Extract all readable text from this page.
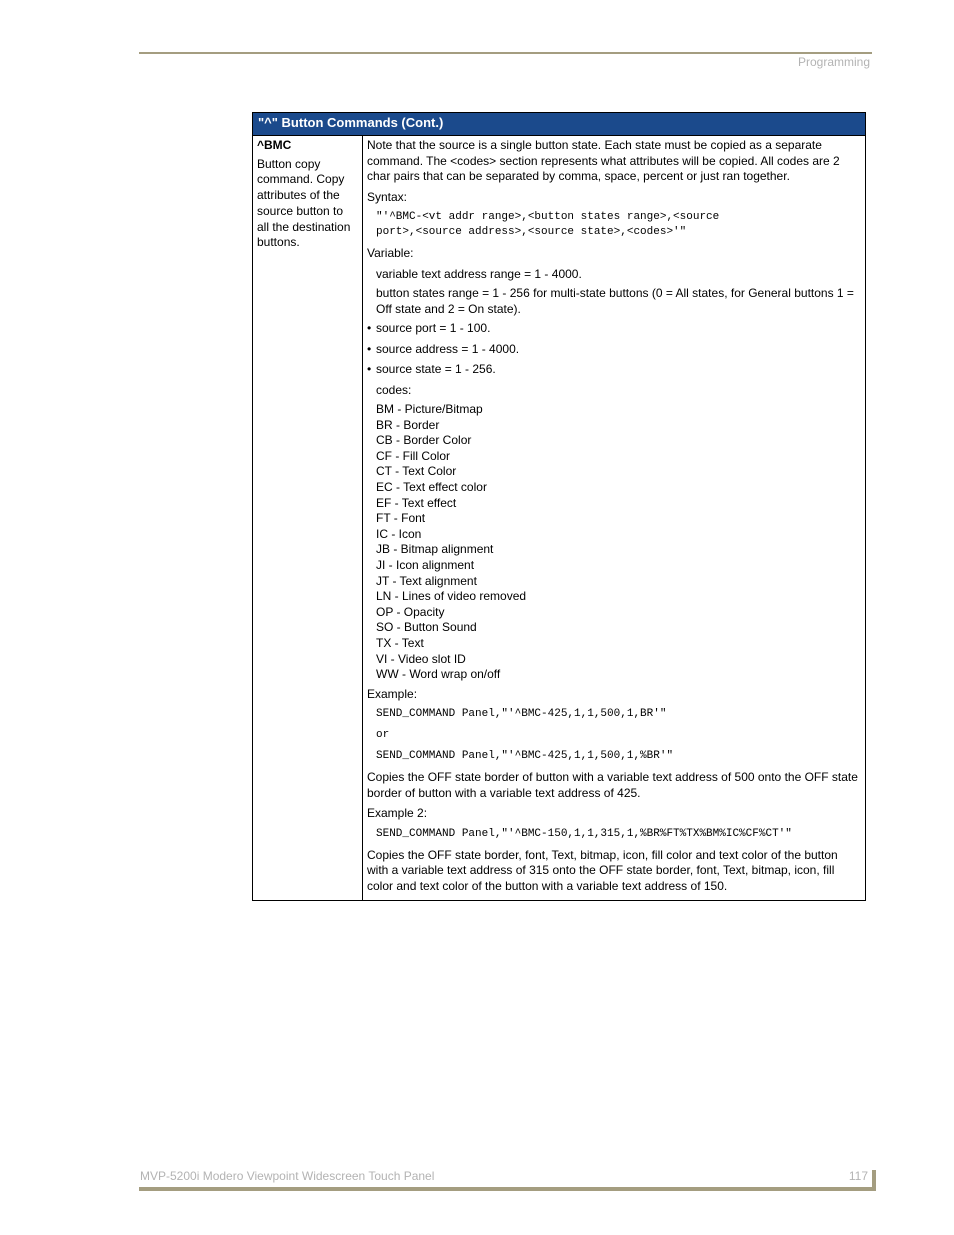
Programming
"^" Button Commands (Cont.)
^BMC
Button copy command. Copy attributes of the source button to all the destination buttons.
Note that the source is a single button state. Each state must be copied as a separate command. The <codes> section represents what attributes will be copied. All codes are 2 char pairs that can be separated by comma, space, percent or just ran together.
Syntax:
"'^BMC-<vt addr range>,<button states range>,<source
port>,<source address>,<source state>,<codes>'"
Variable:
variable text address range = 1 - 4000.
button states range = 1 - 256 for multi-state buttons (0 = All states, for General buttons 1 = Off state and 2 = On state).
• source port = 1 - 100.
• source address = 1 - 4000.
• source state = 1 - 256.
codes:
BM - Picture/Bitmap
BR - Border
CB - Border Color
CF - Fill Color
CT - Text Color
EC - Text effect color
EF - Text effect
FT - Font
IC - Icon
JB - Bitmap alignment
JI - Icon alignment
JT - Text alignment
LN - Lines of video removed
OP - Opacity
SO - Button Sound
TX - Text
VI - Video slot ID
WW - Word wrap on/off
Example:
SEND_COMMAND Panel,"'^BMC-425,1,1,500,1,BR'"
or
SEND_COMMAND Panel,"'^BMC-425,1,1,500,1,%BR'"
Copies the OFF state border of button with a variable text address of 500 onto the OFF state border of button with a variable text address of 425.
Example 2:
SEND_COMMAND Panel,"'^BMC-150,1,1,315,1,%BR%FT%TX%BM%IC%CF%CT'"
Copies the OFF state border, font, Text, bitmap, icon, fill color and text color of the button with a variable text address of 315 onto the OFF state border, font, Text, bitmap, icon, fill color and text color of the button with a variable text address of 150.
MVP-5200i Modero Viewpoint Widescreen Touch Panel	117
